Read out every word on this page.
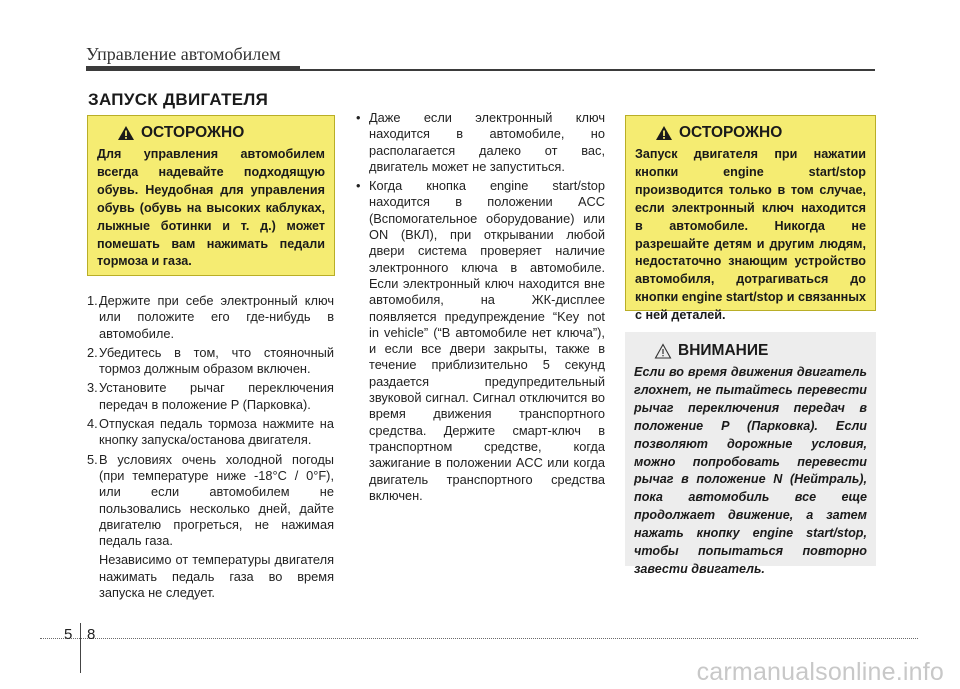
Управление автомобилем
ЗАПУСК ДВИГАТЕЛЯ
ОСТОРОЖНО
Для управления автомобилем всегда надевайте подходящую обувь. Неудобная для управления обувь (обувь на высоких каблуках, лыжные ботинки и т. д.) может помешать вам нажимать педали тормоза и газа.
1. Держите при себе электронный ключ или положите его где-нибудь в автомобиле.
2. Убедитесь в том, что стояночный тормоз должным образом включен.
3. Установите рычаг переключения передач в положение P (Парковка).
4. Отпуская педаль тормоза нажмите на кнопку запуска/останова двигателя.
5. В условиях очень холодной погоды (при температуре ниже -18°C / 0°F), или если автомобилем не пользовались несколько дней, дайте двигателю прогреться, не нажимая педаль газа.
Независимо от температуры двигателя нажимать педаль газа во время запуска не следует.
• Даже если электронный ключ находится в автомобиле, но располагается далеко от вас, двигатель может не запуститься.
• Когда кнопка engine start/stop находится в положении ACC (Вспомогательное оборудование) или ON (ВКЛ), при открывании любой двери система проверяет наличие электронного ключа в автомобиле. Если электронный ключ находится вне автомобиля, на ЖК-дисплее появляется предупреждение “Key not in vehicle” (“В автомобиле нет ключа”), и если все двери закрыты, также в течение приблизительно 5 секунд раздается предупредительный звуковой сигнал. Сигнал отключится во время движения транспортного средства. Держите смарт-ключ в транспортном средстве, когда зажигание в положении ACC или когда двигатель транспортного средства включен.
ОСТОРОЖНО
Запуск двигателя при нажатии кнопки engine start/stop производится только в том случае, если электронный ключ находится в автомобиле. Никогда не разрешайте детям и другим людям, недостаточно знающим устройство автомобиля, дотрагиваться до кнопки engine start/stop и связанных с ней деталей.
ВНИМАНИЕ
Если во время движения двигатель глохнет, не пытайтесь перевести рычаг переключения передач в положение P (Парковка). Если позволяют дорожные условия, можно попробовать перевести рычаг в положение N (Нейтраль), пока автомобиль все еще продолжает движение, а затем нажать кнопку engine start/stop, чтобы попытаться повторно завести двигатель.
5 8
carmanualsonline.info
